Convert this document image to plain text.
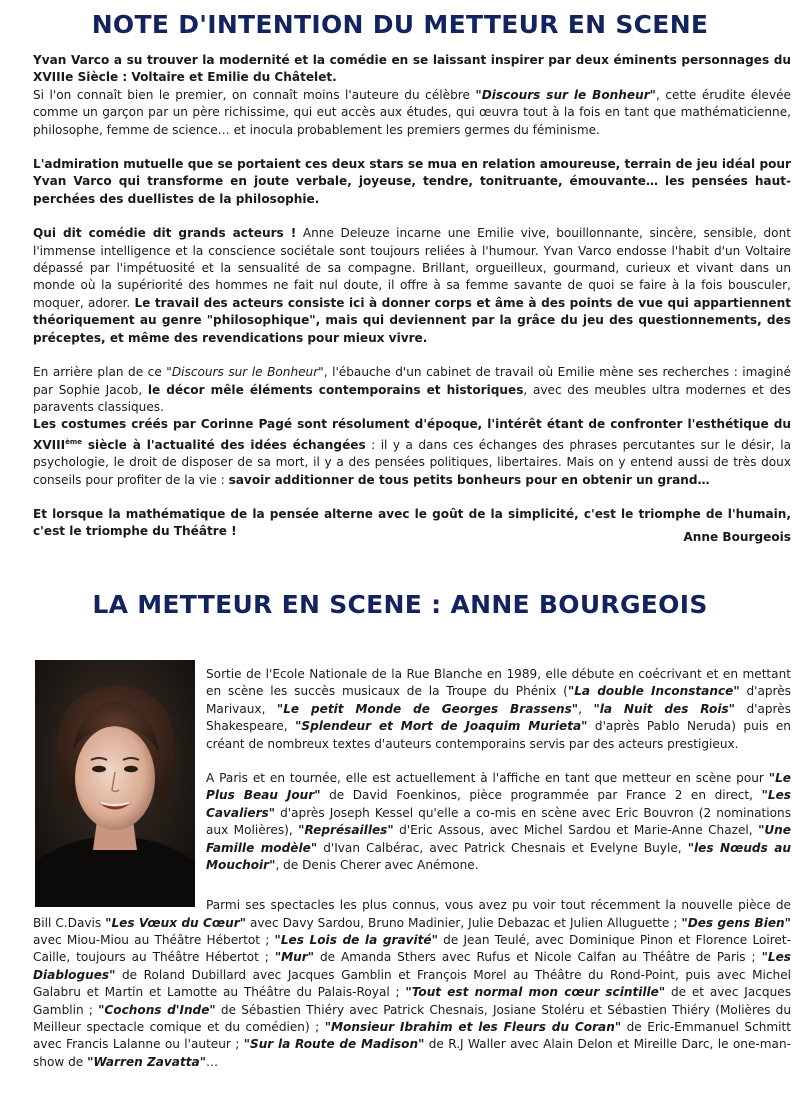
NOTE D'INTENTION DU METTEUR EN SCENE

Yvan Varco a su trouver la modernité et la comédie en se laissant inspirer par deux éminents personnages du XVIIIe Siècle : Voltaire et Emilie du Châtelet.
Si l'on connaît bien le premier, on connaît moins l'auteure du célèbre "Discours sur le Bonheur", cette érudite élevée comme un garçon par un père richissime, qui eut accès aux études, qui œuvra tout à la fois en tant que mathématicienne, philosophe, femme de science… et inocula probablement les premiers germes du féminisme.

L'admiration mutuelle que se portaient ces deux stars se mua en relation amoureuse, terrain de jeu idéal pour Yvan Varco qui transforme en joute verbale, joyeuse, tendre, tonitruante, émouvante… les pensées haut-perchées des duellistes de la philosophie.

Qui dit comédie dit grands acteurs ! Anne Deleuze incarne une Emilie vive, bouillonnante, sincère, sensible, dont l'immense intelligence et la conscience sociétale sont toujours reliées à l'humour. Yvan Varco endosse l'habit d'un Voltaire dépassé par l'impétuosité et la sensualité de sa compagne. Brillant, orgueilleux, gourmand, curieux et vivant dans un monde où la supériorité des hommes ne fait nul doute, il offre à sa femme savante de quoi se faire à la fois bousculer, moquer, adorer. Le travail des acteurs consiste ici à donner corps et âme à des points de vue qui appartiennent théoriquement au genre "philosophique", mais qui deviennent par la grâce du jeu des questionnements, des préceptes, et même des revendications pour mieux vivre.

En arrière plan de ce "Discours sur le Bonheur", l'ébauche d'un cabinet de travail où Emilie mène ses recherches : imaginé par Sophie Jacob, le décor mêle éléments contemporains et historiques, avec des meubles ultra modernes et des paravents classiques.

Les costumes créés par Corinne Pagé sont résolument d'époque, l'intérêt étant de confronter l'esthétique du XVIIIème siècle à l'actualité des idées échangées : il y a dans ces échanges des phrases percutantes sur le désir, la psychologie, le droit de disposer de sa mort, il y a des pensées politiques, libertaires. Mais on y entend aussi de très doux conseils pour profiter de la vie : savoir additionner de tous petits bonheurs pour en obtenir un grand…

Et lorsque la mathématique de la pensée alterne avec le goût de la simplicité, c'est le triomphe de l'humain, c'est le triomphe du Théâtre !	Anne Bourgeois
LA METTEUR EN SCENE : ANNE BOURGEOIS

Sortie de l'Ecole Nationale de la Rue Blanche en 1989, elle débute en coécrivant et en mettant en scène les succès musicaux de la Troupe du Phénix ("La double Inconstance" d'après Marivaux, "Le petit Monde de Georges Brassens", "la Nuit des Rois" d'après Shakespeare, "Splendeur et Mort de Joaquim Murieta" d'après Pablo Neruda) puis en créant de nombreux textes d'auteurs contemporains servis par des acteurs prestigieux.

A Paris et en tournée, elle est actuellement à l'affiche en tant que metteur en scène pour "Le Plus Beau Jour" de David Foenkinos, pièce programmée par France 2 en direct, "Les Cavaliers" d'après Joseph Kessel qu'elle a co-mis en scène avec Eric Bouvron (2 nominations aux Molières), "Représailles" d'Eric Assous, avec Michel Sardou et Marie-Anne Chazel, "Une Famille modèle" d'Ivan Calbérac, avec Patrick Chesnais et Evelyne Buyle, "les Nœuds au Mouchoir", de Denis Cherer avec Anémone.

Parmi ses spectacles les plus connus, vous avez pu voir tout récemment la nouvelle pièce de Bill C.Davis "Les Vœux du Cœur" avec Davy Sardou, Bruno Madinier, Julie Debazac et Julien Alluguette ; "Des gens Bien" avec Miou-Miou au Théâtre Hébertot ; "Les Lois de la gravité" de Jean Teulé, avec Dominique Pinon et Florence Loiret-Caille, toujours au Théâtre Hébertot ; "Mur" de Amanda Sthers avec Rufus et Nicole Calfan au Théâtre de Paris ; "Les Diablogues" de Roland Dubillard avec Jacques Gamblin et François Morel au Théâtre du Rond-Point, puis avec Michel Galabru et Martin et Lamotte au Théâtre du Palais-Royal ; "Tout est normal mon cœur scintille" de et avec Jacques Gamblin ; "Cochons d'Inde" de Sébastien Thiéry avec Patrick Chesnais, Josiane Stoléru et Sébastien Thiéry (Molières du Meilleur spectacle comique et du comédien) ; "Monsieur Ibrahim et les Fleurs du Coran" de Eric-Emmanuel Schmitt avec Francis Lalanne ou l'auteur ; "Sur la Route de Madison" de R.J Waller avec Alain Delon et Mireille Darc, le one-man-show de "Warren Zavatta"…
